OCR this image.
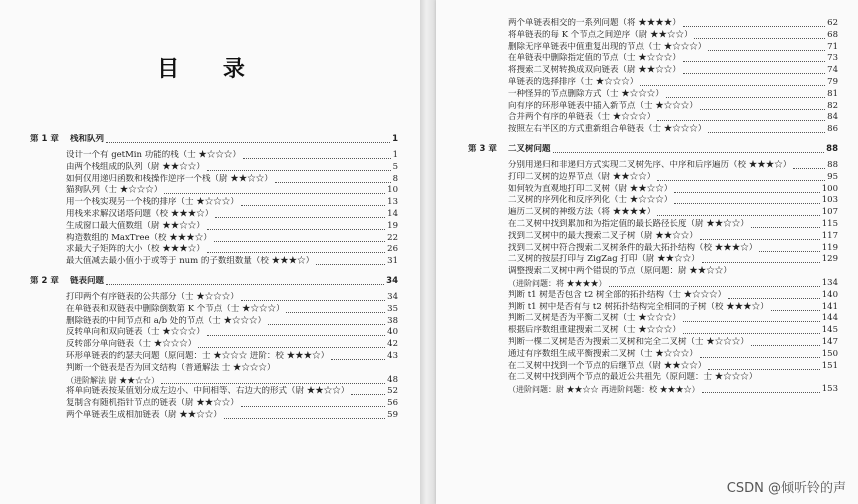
目 录
第 1 章 栈和队列	1
设计一个有 getMin 功能的栈（士 ★☆☆☆）	1
由两个栈组成的队列（尉 ★★☆☆）	5
如何仅用递归函数和栈操作逆序一个栈（尉 ★★☆☆）	8
猫狗队列（士 ★☆☆☆）	10
用一个栈实现另一个栈的排序（士 ★☆☆☆）	13
用栈来求解汉诺塔问题（校 ★★★☆）	14
生成窗口最大值数组（尉 ★★☆☆）	19
构造数组的 MaxTree（校 ★★★☆）	22
求最大子矩阵的大小（校 ★★★☆）	26
最大值减去最小值小于或等于 num 的子数组数量（校 ★★★☆）	31
第 2 章 链表问题	34
打印两个有序链表的公共部分（士 ★☆☆☆）	34
在单链表和双链表中删除倒数第 K 个节点（士 ★☆☆☆）	35
删除链表的中间节点和 a/b 处的节点（士 ★☆☆☆）	38
反转单向和双向链表（士 ★☆☆☆）	40
反转部分单向链表（士 ★☆☆☆）	42
环形单链表的约瑟夫问题（原问题：士 ★☆☆☆ 进阶：校 ★★★☆）	43
判断一个链表是否为回文结构（普通解法 士 ★☆☆☆）
（进阶解法 尉 ★★☆☆）	48
将单向链表按某值划分成左边小、中间相等、右边大的形式（尉 ★★☆☆）	52
复制含有随机指针节点的链表（尉 ★★☆☆）	56
两个单链表生成相加链表（尉 ★★☆☆）	59
两个单链表相交的一系列问题（将 ★★★★）	62
将单链表的每 K 个节点之间逆序（尉 ★★☆☆）	68
删除无序单链表中值重复出现的节点（士 ★☆☆☆）	71
在单链表中删除指定值的节点（士 ★☆☆☆）	73
将搜索二叉树转换成双向链表（尉 ★★☆☆）	74
单链表的选择排序（士 ★☆☆☆）	79
一种怪异的节点删除方式（士 ★☆☆☆）	81
向有序的环形单链表中插入新节点（士 ★☆☆☆）	82
合并两个有序的单链表（士 ★☆☆☆）	84
按照左右半区的方式重新组合单链表（士 ★☆☆☆）	86
第 3 章 二叉树问题	88
分别用递归和非递归方式实现二叉树先序、中序和后序遍历（校 ★★★☆）	88
打印二叉树的边界节点（尉 ★★☆☆）	95
如何较为直观地打印二叉树（尉 ★★☆☆）	100
二叉树的序列化和反序列化（士 ★☆☆☆）	103
遍历二叉树的神级方法（将 ★★★★）	107
在二叉树中找到累加和为指定值的最长路径长度（尉 ★★☆☆）	115
找到二叉树中的最大搜索二叉子树（尉 ★★☆☆）	117
找到二叉树中符合搜索二叉树条件的最大拓扑结构（校 ★★★☆）	119
二叉树的按层打印与 ZigZag 打印（尉 ★★☆☆）	129
调整搜索二叉树中两个错误的节点（原问题：尉 ★★☆☆）
（进阶问题：将 ★★★★）	134
判断 t1 树是否包含 t2 树全部的拓扑结构（士 ★☆☆☆）	140
判断 t1 树中是否有与 t2 树拓扑结构完全相同的子树（校 ★★★☆）	141
判断二叉树是否为平衡二叉树（士 ★☆☆☆）	144
根据后序数组重建搜索二叉树（士 ★☆☆☆）	145
判断一棵二叉树是否为搜索二叉树和完全二叉树（士 ★☆☆☆）	147
通过有序数组生成平衡搜索二叉树（士 ★☆☆☆）	150
在二叉树中找到一个节点的后继节点（尉 ★★☆☆）	151
在二叉树中找到两个节点的最近公共祖先（原问题：士 ★☆☆☆）
（进阶问题：尉 ★★☆☆ 再进阶问题：校 ★★★☆）	153
CSDN @倾听铃的声
